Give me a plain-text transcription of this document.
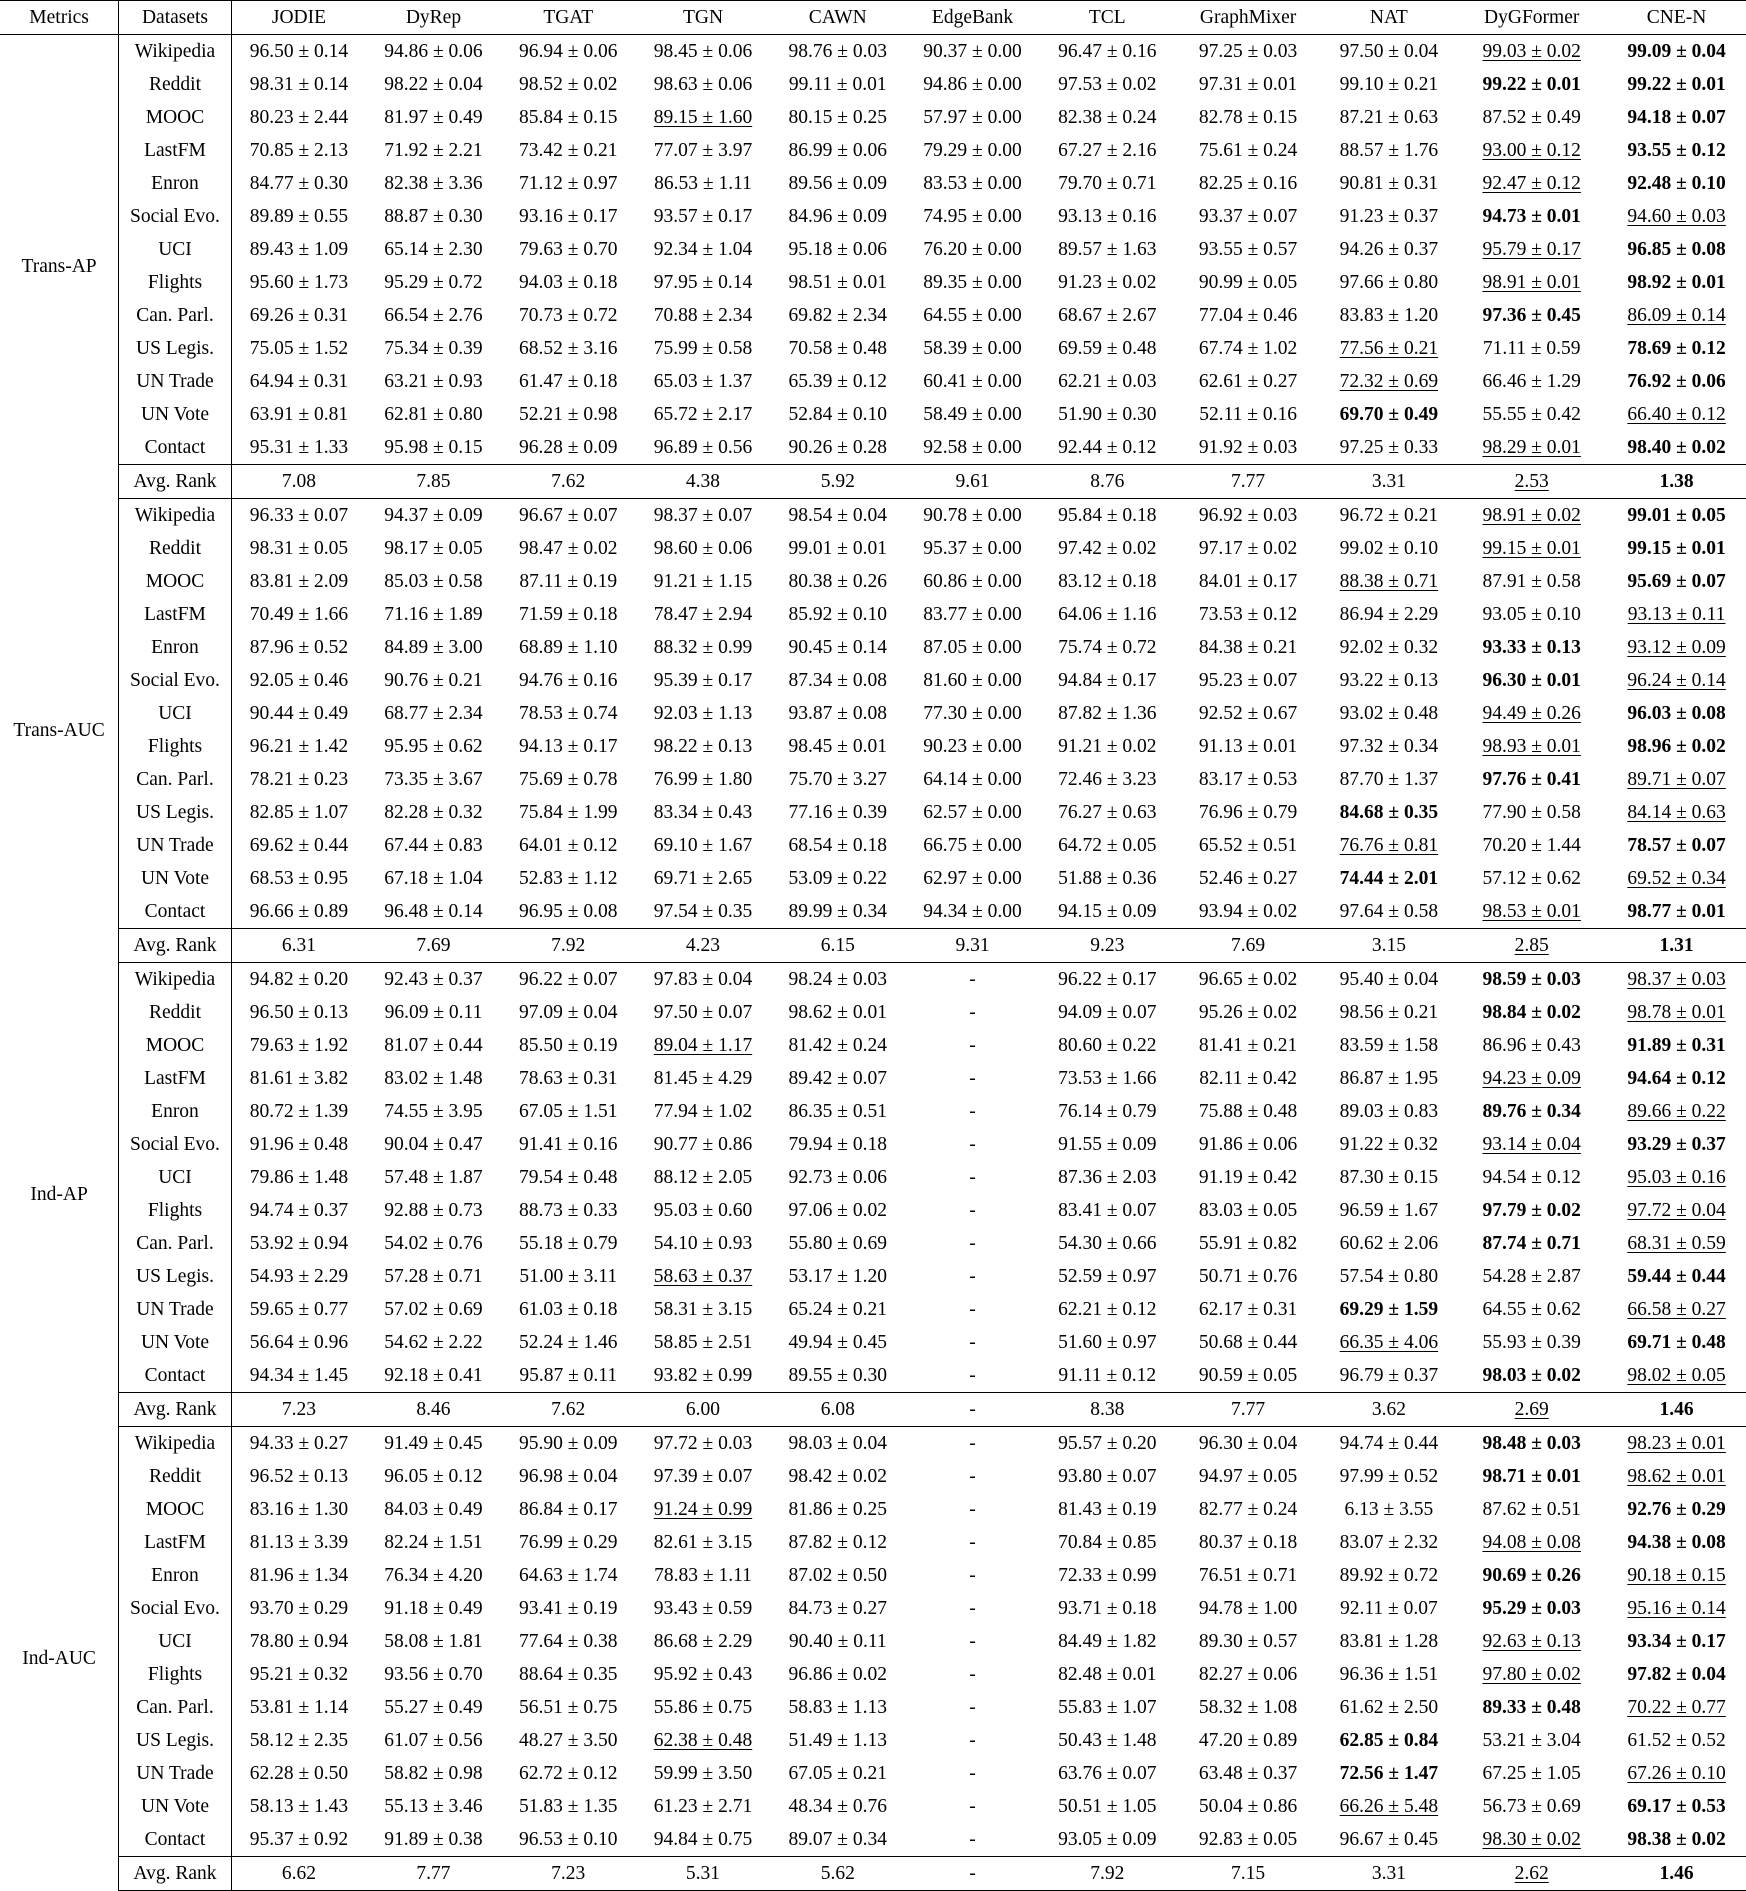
Metrics	Datasets	JODIE	DyRep	TGAT	TGN	CAWN	EdgeBank	TCL	GraphMixer	NAT	DyGFormer	CNE-N
Trans-AP	Wikipedia	96.50 ± 0.14	94.86 ± 0.06	96.94 ± 0.06	98.45 ± 0.06	98.76 ± 0.03	90.37 ± 0.00	96.47 ± 0.16	97.25 ± 0.03	97.50 ± 0.04	99.03 ± 0.02	99.09 ± 0.04
	Reddit	98.31 ± 0.14	98.22 ± 0.04	98.52 ± 0.02	98.63 ± 0.06	99.11 ± 0.01	94.86 ± 0.00	97.53 ± 0.02	97.31 ± 0.01	99.10 ± 0.21	99.22 ± 0.01	99.22 ± 0.01
	MOOC	80.23 ± 2.44	81.97 ± 0.49	85.84 ± 0.15	89.15 ± 1.60	80.15 ± 0.25	57.97 ± 0.00	82.38 ± 0.24	82.78 ± 0.15	87.21 ± 0.63	87.52 ± 0.49	94.18 ± 0.07
	LastFM	70.85 ± 2.13	71.92 ± 2.21	73.42 ± 0.21	77.07 ± 3.97	86.99 ± 0.06	79.29 ± 0.00	67.27 ± 2.16	75.61 ± 0.24	88.57 ± 1.76	93.00 ± 0.12	93.55 ± 0.12
	Enron	84.77 ± 0.30	82.38 ± 3.36	71.12 ± 0.97	86.53 ± 1.11	89.56 ± 0.09	83.53 ± 0.00	79.70 ± 0.71	82.25 ± 0.16	90.81 ± 0.31	92.47 ± 0.12	92.48 ± 0.10
	Social Evo.	89.89 ± 0.55	88.87 ± 0.30	93.16 ± 0.17	93.57 ± 0.17	84.96 ± 0.09	74.95 ± 0.00	93.13 ± 0.16	93.37 ± 0.07	91.23 ± 0.37	94.73 ± 0.01	94.60 ± 0.03
	UCI	89.43 ± 1.09	65.14 ± 2.30	79.63 ± 0.70	92.34 ± 1.04	95.18 ± 0.06	76.20 ± 0.00	89.57 ± 1.63	93.55 ± 0.57	94.26 ± 0.37	95.79 ± 0.17	96.85 ± 0.08
	Flights	95.60 ± 1.73	95.29 ± 0.72	94.03 ± 0.18	97.95 ± 0.14	98.51 ± 0.01	89.35 ± 0.00	91.23 ± 0.02	90.99 ± 0.05	97.66 ± 0.80	98.91 ± 0.01	98.92 ± 0.01
	Can. Parl.	69.26 ± 0.31	66.54 ± 2.76	70.73 ± 0.72	70.88 ± 2.34	69.82 ± 2.34	64.55 ± 0.00	68.67 ± 2.67	77.04 ± 0.46	83.83 ± 1.20	97.36 ± 0.45	86.09 ± 0.14
	US Legis.	75.05 ± 1.52	75.34 ± 0.39	68.52 ± 3.16	75.99 ± 0.58	70.58 ± 0.48	58.39 ± 0.00	69.59 ± 0.48	67.74 ± 1.02	77.56 ± 0.21	71.11 ± 0.59	78.69 ± 0.12
	UN Trade	64.94 ± 0.31	63.21 ± 0.93	61.47 ± 0.18	65.03 ± 1.37	65.39 ± 0.12	60.41 ± 0.00	62.21 ± 0.03	62.61 ± 0.27	72.32 ± 0.69	66.46 ± 1.29	76.92 ± 0.06
	UN Vote	63.91 ± 0.81	62.81 ± 0.80	52.21 ± 0.98	65.72 ± 2.17	52.84 ± 0.10	58.49 ± 0.00	51.90 ± 0.30	52.11 ± 0.16	69.70 ± 0.49	55.55 ± 0.42	66.40 ± 0.12
	Contact	95.31 ± 1.33	95.98 ± 0.15	96.28 ± 0.09	96.89 ± 0.56	90.26 ± 0.28	92.58 ± 0.00	92.44 ± 0.12	91.92 ± 0.03	97.25 ± 0.33	98.29 ± 0.01	98.40 ± 0.02
	Avg. Rank	7.08	7.85	7.62	4.38	5.92	9.61	8.76	7.77	3.31	2.53	1.38
Trans-AUC	Wikipedia	96.33 ± 0.07	94.37 ± 0.09	96.67 ± 0.07	98.37 ± 0.07	98.54 ± 0.04	90.78 ± 0.00	95.84 ± 0.18	96.92 ± 0.03	96.72 ± 0.21	98.91 ± 0.02	99.01 ± 0.05
	Reddit	98.31 ± 0.05	98.17 ± 0.05	98.47 ± 0.02	98.60 ± 0.06	99.01 ± 0.01	95.37 ± 0.00	97.42 ± 0.02	97.17 ± 0.02	99.02 ± 0.10	99.15 ± 0.01	99.15 ± 0.01
	MOOC	83.81 ± 2.09	85.03 ± 0.58	87.11 ± 0.19	91.21 ± 1.15	80.38 ± 0.26	60.86 ± 0.00	83.12 ± 0.18	84.01 ± 0.17	88.38 ± 0.71	87.91 ± 0.58	95.69 ± 0.07
	LastFM	70.49 ± 1.66	71.16 ± 1.89	71.59 ± 0.18	78.47 ± 2.94	85.92 ± 0.10	83.77 ± 0.00	64.06 ± 1.16	73.53 ± 0.12	86.94 ± 2.29	93.05 ± 0.10	93.13 ± 0.11
	Enron	87.96 ± 0.52	84.89 ± 3.00	68.89 ± 1.10	88.32 ± 0.99	90.45 ± 0.14	87.05 ± 0.00	75.74 ± 0.72	84.38 ± 0.21	92.02 ± 0.32	93.33 ± 0.13	93.12 ± 0.09
	Social Evo.	92.05 ± 0.46	90.76 ± 0.21	94.76 ± 0.16	95.39 ± 0.17	87.34 ± 0.08	81.60 ± 0.00	94.84 ± 0.17	95.23 ± 0.07	93.22 ± 0.13	96.30 ± 0.01	96.24 ± 0.14
	UCI	90.44 ± 0.49	68.77 ± 2.34	78.53 ± 0.74	92.03 ± 1.13	93.87 ± 0.08	77.30 ± 0.00	87.82 ± 1.36	92.52 ± 0.67	93.02 ± 0.48	94.49 ± 0.26	96.03 ± 0.08
	Flights	96.21 ± 1.42	95.95 ± 0.62	94.13 ± 0.17	98.22 ± 0.13	98.45 ± 0.01	90.23 ± 0.00	91.21 ± 0.02	91.13 ± 0.01	97.32 ± 0.34	98.93 ± 0.01	98.96 ± 0.02
	Can. Parl.	78.21 ± 0.23	73.35 ± 3.67	75.69 ± 0.78	76.99 ± 1.80	75.70 ± 3.27	64.14 ± 0.00	72.46 ± 3.23	83.17 ± 0.53	87.70 ± 1.37	97.76 ± 0.41	89.71 ± 0.07
	US Legis.	82.85 ± 1.07	82.28 ± 0.32	75.84 ± 1.99	83.34 ± 0.43	77.16 ± 0.39	62.57 ± 0.00	76.27 ± 0.63	76.96 ± 0.79	84.68 ± 0.35	77.90 ± 0.58	84.14 ± 0.63
	UN Trade	69.62 ± 0.44	67.44 ± 0.83	64.01 ± 0.12	69.10 ± 1.67	68.54 ± 0.18	66.75 ± 0.00	64.72 ± 0.05	65.52 ± 0.51	76.76 ± 0.81	70.20 ± 1.44	78.57 ± 0.07
	UN Vote	68.53 ± 0.95	67.18 ± 1.04	52.83 ± 1.12	69.71 ± 2.65	53.09 ± 0.22	62.97 ± 0.00	51.88 ± 0.36	52.46 ± 0.27	74.44 ± 2.01	57.12 ± 0.62	69.52 ± 0.34
	Contact	96.66 ± 0.89	96.48 ± 0.14	96.95 ± 0.08	97.54 ± 0.35	89.99 ± 0.34	94.34 ± 0.00	94.15 ± 0.09	93.94 ± 0.02	97.64 ± 0.58	98.53 ± 0.01	98.77 ± 0.01
	Avg. Rank	6.31	7.69	7.92	4.23	6.15	9.31	9.23	7.69	3.15	2.85	1.31
Ind-AP	Wikipedia	94.82 ± 0.20	92.43 ± 0.37	96.22 ± 0.07	97.83 ± 0.04	98.24 ± 0.03	-	96.22 ± 0.17	96.65 ± 0.02	95.40 ± 0.04	98.59 ± 0.03	98.37 ± 0.03
	Reddit	96.50 ± 0.13	96.09 ± 0.11	97.09 ± 0.04	97.50 ± 0.07	98.62 ± 0.01	-	94.09 ± 0.07	95.26 ± 0.02	98.56 ± 0.21	98.84 ± 0.02	98.78 ± 0.01
	MOOC	79.63 ± 1.92	81.07 ± 0.44	85.50 ± 0.19	89.04 ± 1.17	81.42 ± 0.24	-	80.60 ± 0.22	81.41 ± 0.21	83.59 ± 1.58	86.96 ± 0.43	91.89 ± 0.31
	LastFM	81.61 ± 3.82	83.02 ± 1.48	78.63 ± 0.31	81.45 ± 4.29	89.42 ± 0.07	-	73.53 ± 1.66	82.11 ± 0.42	86.87 ± 1.95	94.23 ± 0.09	94.64 ± 0.12
	Enron	80.72 ± 1.39	74.55 ± 3.95	67.05 ± 1.51	77.94 ± 1.02	86.35 ± 0.51	-	76.14 ± 0.79	75.88 ± 0.48	89.03 ± 0.83	89.76 ± 0.34	89.66 ± 0.22
	Social Evo.	91.96 ± 0.48	90.04 ± 0.47	91.41 ± 0.16	90.77 ± 0.86	79.94 ± 0.18	-	91.55 ± 0.09	91.86 ± 0.06	91.22 ± 0.32	93.14 ± 0.04	93.29 ± 0.37
	UCI	79.86 ± 1.48	57.48 ± 1.87	79.54 ± 0.48	88.12 ± 2.05	92.73 ± 0.06	-	87.36 ± 2.03	91.19 ± 0.42	87.30 ± 0.15	94.54 ± 0.12	95.03 ± 0.16
	Flights	94.74 ± 0.37	92.88 ± 0.73	88.73 ± 0.33	95.03 ± 0.60	97.06 ± 0.02	-	83.41 ± 0.07	83.03 ± 0.05	96.59 ± 1.67	97.79 ± 0.02	97.72 ± 0.04
	Can. Parl.	53.92 ± 0.94	54.02 ± 0.76	55.18 ± 0.79	54.10 ± 0.93	55.80 ± 0.69	-	54.30 ± 0.66	55.91 ± 0.82	60.62 ± 2.06	87.74 ± 0.71	68.31 ± 0.59
	US Legis.	54.93 ± 2.29	57.28 ± 0.71	51.00 ± 3.11	58.63 ± 0.37	53.17 ± 1.20	-	52.59 ± 0.97	50.71 ± 0.76	57.54 ± 0.80	54.28 ± 2.87	59.44 ± 0.44
	UN Trade	59.65 ± 0.77	57.02 ± 0.69	61.03 ± 0.18	58.31 ± 3.15	65.24 ± 0.21	-	62.21 ± 0.12	62.17 ± 0.31	69.29 ± 1.59	64.55 ± 0.62	66.58 ± 0.27
	UN Vote	56.64 ± 0.96	54.62 ± 2.22	52.24 ± 1.46	58.85 ± 2.51	49.94 ± 0.45	-	51.60 ± 0.97	50.68 ± 0.44	66.35 ± 4.06	55.93 ± 0.39	69.71 ± 0.48
	Contact	94.34 ± 1.45	92.18 ± 0.41	95.87 ± 0.11	93.82 ± 0.99	89.55 ± 0.30	-	91.11 ± 0.12	90.59 ± 0.05	96.79 ± 0.37	98.03 ± 0.02	98.02 ± 0.05
	Avg. Rank	7.23	8.46	7.62	6.00	6.08	-	8.38	7.77	3.62	2.69	1.46
Ind-AUC	Wikipedia	94.33 ± 0.27	91.49 ± 0.45	95.90 ± 0.09	97.72 ± 0.03	98.03 ± 0.04	-	95.57 ± 0.20	96.30 ± 0.04	94.74 ± 0.44	98.48 ± 0.03	98.23 ± 0.01
	Reddit	96.52 ± 0.13	96.05 ± 0.12	96.98 ± 0.04	97.39 ± 0.07	98.42 ± 0.02	-	93.80 ± 0.07	94.97 ± 0.05	97.99 ± 0.52	98.71 ± 0.01	98.62 ± 0.01
	MOOC	83.16 ± 1.30	84.03 ± 0.49	86.84 ± 0.17	91.24 ± 0.99	81.86 ± 0.25	-	81.43 ± 0.19	82.77 ± 0.24	6.13 ± 3.55	87.62 ± 0.51	92.76 ± 0.29
	LastFM	81.13 ± 3.39	82.24 ± 1.51	76.99 ± 0.29	82.61 ± 3.15	87.82 ± 0.12	-	70.84 ± 0.85	80.37 ± 0.18	83.07 ± 2.32	94.08 ± 0.08	94.38 ± 0.08
	Enron	81.96 ± 1.34	76.34 ± 4.20	64.63 ± 1.74	78.83 ± 1.11	87.02 ± 0.50	-	72.33 ± 0.99	76.51 ± 0.71	89.92 ± 0.72	90.69 ± 0.26	90.18 ± 0.15
	Social Evo.	93.70 ± 0.29	91.18 ± 0.49	93.41 ± 0.19	93.43 ± 0.59	84.73 ± 0.27	-	93.71 ± 0.18	94.78 ± 1.00	92.11 ± 0.07	95.29 ± 0.03	95.16 ± 0.14
	UCI	78.80 ± 0.94	58.08 ± 1.81	77.64 ± 0.38	86.68 ± 2.29	90.40 ± 0.11	-	84.49 ± 1.82	89.30 ± 0.57	83.81 ± 1.28	92.63 ± 0.13	93.34 ± 0.17
	Flights	95.21 ± 0.32	93.56 ± 0.70	88.64 ± 0.35	95.92 ± 0.43	96.86 ± 0.02	-	82.48 ± 0.01	82.27 ± 0.06	96.36 ± 1.51	97.80 ± 0.02	97.82 ± 0.04
	Can. Parl.	53.81 ± 1.14	55.27 ± 0.49	56.51 ± 0.75	55.86 ± 0.75	58.83 ± 1.13	-	55.83 ± 1.07	58.32 ± 1.08	61.62 ± 2.50	89.33 ± 0.48	70.22 ± 0.77
	US Legis.	58.12 ± 2.35	61.07 ± 0.56	48.27 ± 3.50	62.38 ± 0.48	51.49 ± 1.13	-	50.43 ± 1.48	47.20 ± 0.89	62.85 ± 0.84	53.21 ± 3.04	61.52 ± 0.52
	UN Trade	62.28 ± 0.50	58.82 ± 0.98	62.72 ± 0.12	59.99 ± 3.50	67.05 ± 0.21	-	63.76 ± 0.07	63.48 ± 0.37	72.56 ± 1.47	67.25 ± 1.05	67.26 ± 0.10
	UN Vote	58.13 ± 1.43	55.13 ± 3.46	51.83 ± 1.35	61.23 ± 2.71	48.34 ± 0.76	-	50.51 ± 1.05	50.04 ± 0.86	66.26 ± 5.48	56.73 ± 0.69	69.17 ± 0.53
	Contact	95.37 ± 0.92	91.89 ± 0.38	96.53 ± 0.10	94.84 ± 0.75	89.07 ± 0.34	-	93.05 ± 0.09	92.83 ± 0.05	96.67 ± 0.45	98.30 ± 0.02	98.38 ± 0.02
	Avg. Rank	6.62	7.77	7.23	5.31	5.62	-	7.92	7.15	3.31	2.62	1.46
